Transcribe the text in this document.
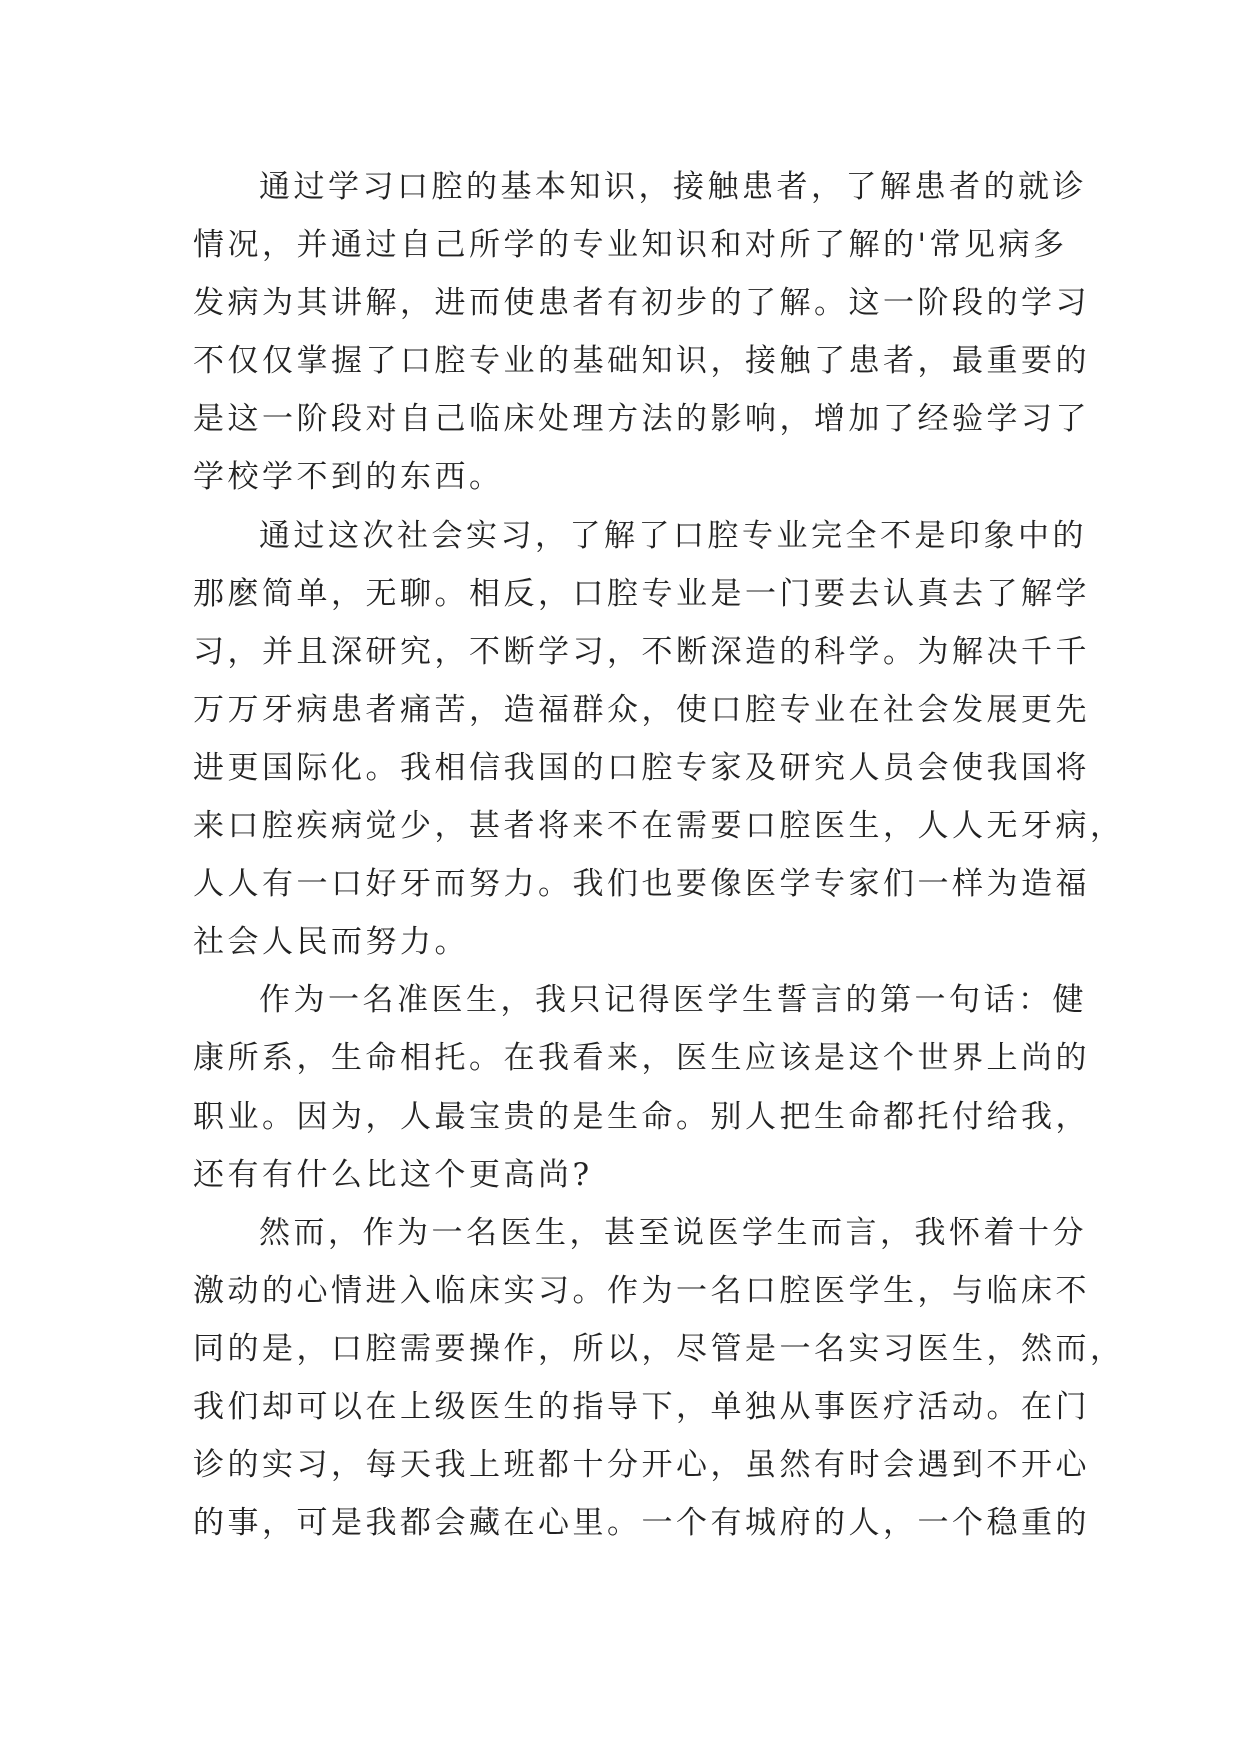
通过学习口腔的基本知识，接触患者，了解患者的就诊
情况，并通过自己所学的专业知识和对所了解的'常见病多
发病为其讲解，进而使患者有初步的了解。这一阶段的学习
不仅仅掌握了口腔专业的基础知识，接触了患者，最重要的
是这一阶段对自己临床处理方法的影响，增加了经验学习了
学校学不到的东西。
通过这次社会实习，了解了口腔专业完全不是印象中的
那麽简单，无聊。相反，口腔专业是一门要去认真去了解学
习，并且深研究，不断学习，不断深造的科学。为解决千千
万万牙病患者痛苦，造福群众，使口腔专业在社会发展更先
进更国际化。我相信我国的口腔专家及研究人员会使我国将
来口腔疾病觉少，甚者将来不在需要口腔医生，人人无牙病，
人人有一口好牙而努力。我们也要像医学专家们一样为造福
社会人民而努力。
作为一名准医生，我只记得医学生誓言的第一句话：健
康所系，生命相托。在我看来，医生应该是这个世界上尚的
职业。因为，人最宝贵的是生命。别人把生命都托付给我，
还有有什么比这个更高尚?
然而，作为一名医生，甚至说医学生而言，我怀着十分
激动的心情进入临床实习。作为一名口腔医学生，与临床不
同的是，口腔需要操作，所以，尽管是一名实习医生，然而，
我们却可以在上级医生的指导下，单独从事医疗活动。在门
诊的实习，每天我上班都十分开心，虽然有时会遇到不开心
的事，可是我都会藏在心里。一个有城府的人，一个稳重的
